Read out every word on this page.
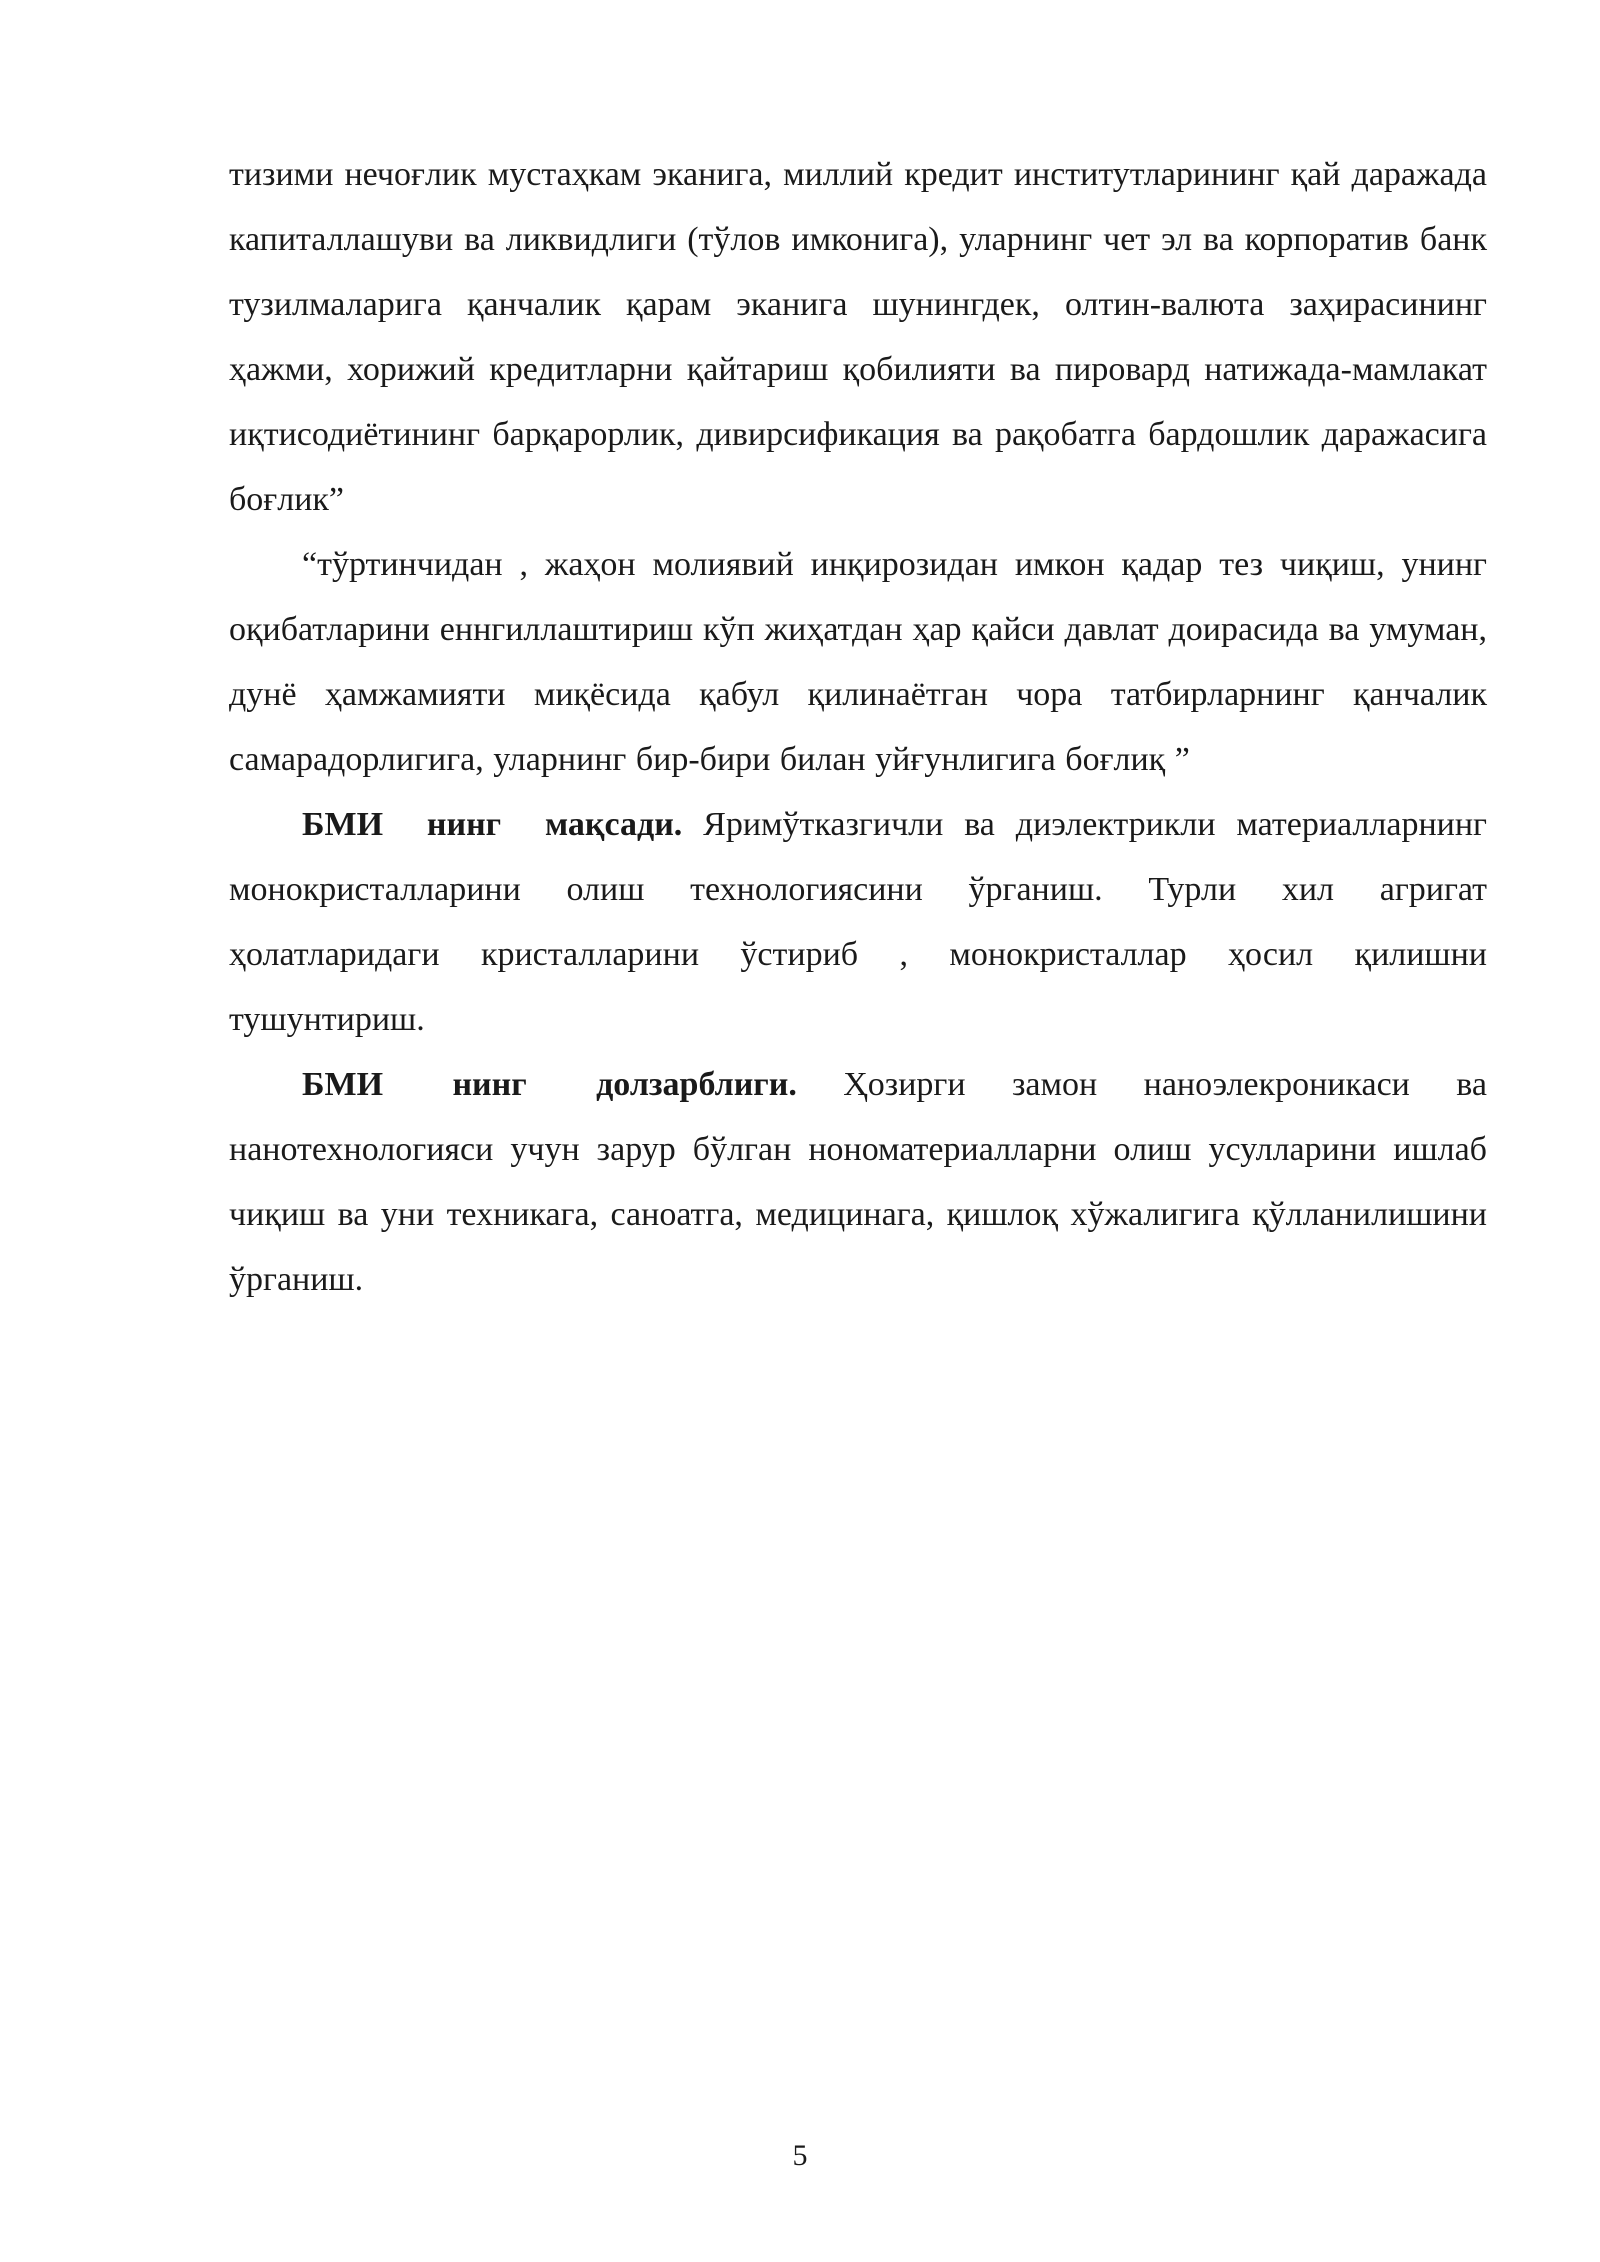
тизими нечоғлик мустаҳкам эканига, миллий кредит институтларининг қай даражада капиталлашуви ва ликвидлиги (тўлов имконига), уларнинг чет эл ва корпоратив банк тузилмаларига қанчалик қарам эканига шунингдек, олтин-валюта заҳирасининг ҳажми, хорижий кредитларни қайтариш қобилияти ва пировард натижада-мамлакат иқтисодиётининг барқарорлик, дивирсификация ва рақобатга бардошлик даражасига боғлик”

“тўртинчидан , жаҳон молиявий инқирозидан имкон қадар тез чиқиш, унинг оқибатларини еннгиллаштириш кўп жиҳатдан ҳар қайси давлат доирасида ва умуман, дунё ҳамжамияти миқёсида қабул қилинаётган чора татбирларнинг қанчалик самарадорлигига, уларнинг бир-бири билан уйғунлигига боғлиқ ”

БМИ нинг мақсади. Яримўтказгичли ва диэлектрикли материалларнинг монокристалларини олиш технологиясини ўрганиш. Турли хил агригат ҳолатларидаги кристалларини ўстириб , монокристаллар ҳосил қилишни тушунтириш.

БМИ нинг долзарблиги. Ҳозирги замон наноэлекроникаси ва нанотехнологияси учун зарур бўлган нономатериалларни олиш усулларини ишлаб чиқиш ва уни техникага, саноатга, медицинага, қишлоқ хўжалигига қўлланилишини ўрганиш.

5
